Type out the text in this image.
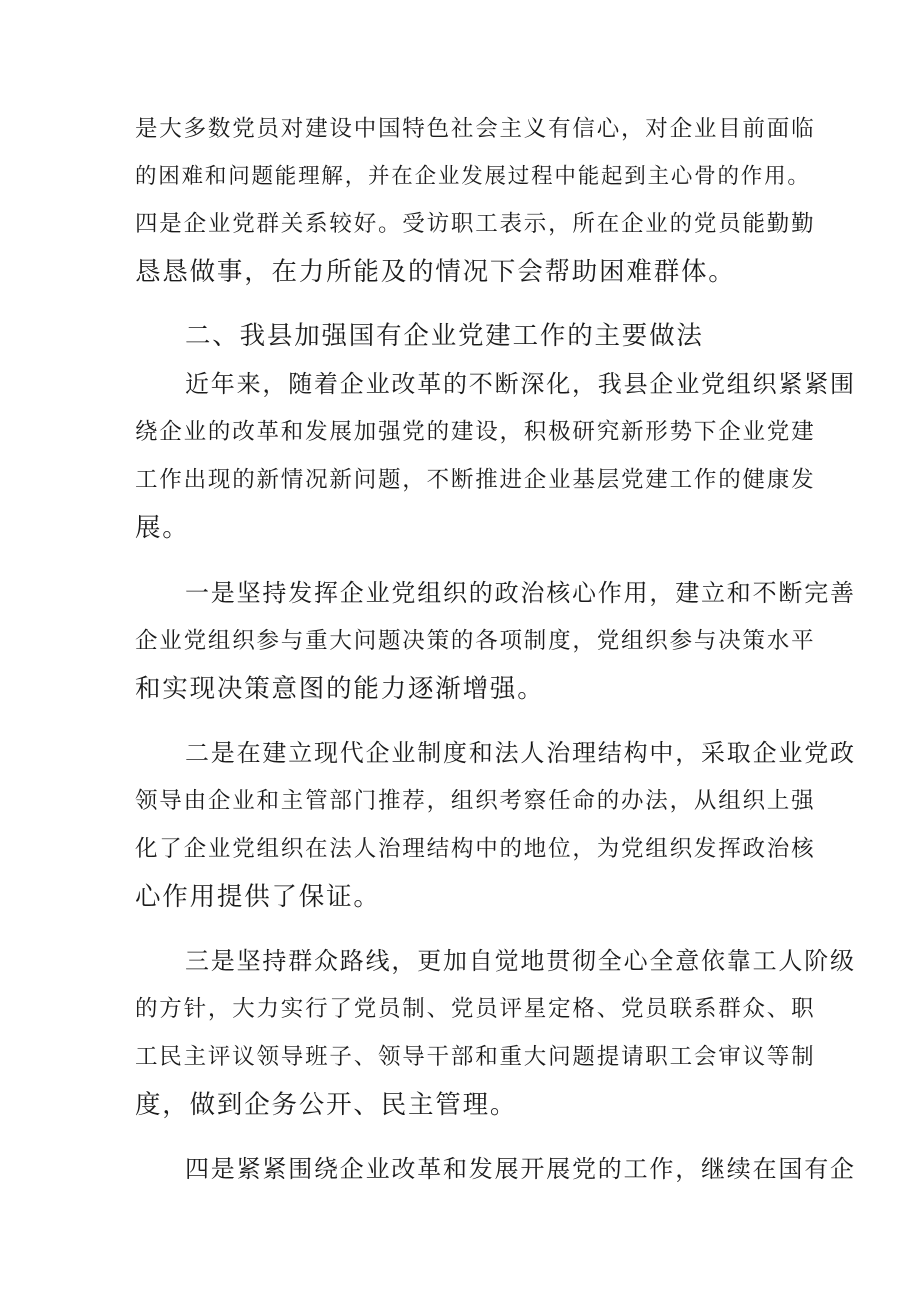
是大多数党员对建设中国特色社会主义有信心，对企业目前面临
的困难和问题能理解，并在企业发展过程中能起到主心骨的作用。
四是企业党群关系较好。受访职工表示，所在企业的党员能勤勤
恳恳做事，在力所能及的情况下会帮助困难群体。
二、我县加强国有企业党建工作的主要做法
近年来，随着企业改革的不断深化，我县企业党组织紧紧围
绕企业的改革和发展加强党的建设，积极研究新形势下企业党建
工作出现的新情况新问题，不断推进企业基层党建工作的健康发
展。
一是坚持发挥企业党组织的政治核心作用，建立和不断完善
企业党组织参与重大问题决策的各项制度，党组织参与决策水平
和实现决策意图的能力逐渐增强。
二是在建立现代企业制度和法人治理结构中，采取企业党政
领导由企业和主管部门推荐，组织考察任命的办法，从组织上强
化了企业党组织在法人治理结构中的地位，为党组织发挥政治核
心作用提供了保证。
三是坚持群众路线，更加自觉地贯彻全心全意依靠工人阶级
的方针，大力实行了党员制、党员评星定格、党员联系群众、职
工民主评议领导班子、领导干部和重大问题提请职工会审议等制
度，做到企务公开、民主管理。
四是紧紧围绕企业改革和发展开展党的工作，继续在国有企
